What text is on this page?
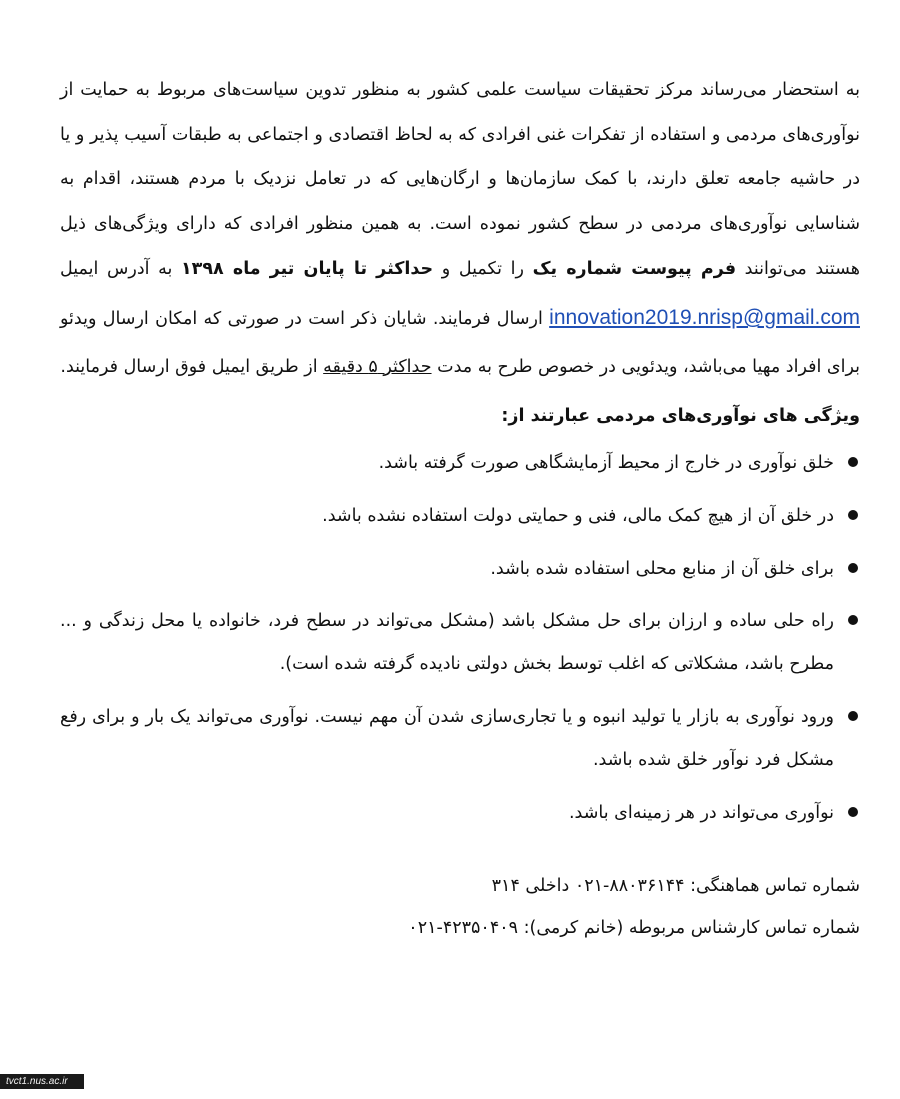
به استحضار می‌رساند مرکز تحقیقات سیاست علمی کشور به منظور تدوین سیاست‌های مربوط به حمایت از نوآوری‌های مردمی و استفاده از تفکرات غنی افرادی که به لحاظ اقتصادی و اجتماعی به طبقات آسیب پذیر و یا در حاشیه جامعه تعلق دارند، با کمک سازمان‌ها و ارگان‌هایی که در تعامل نزدیک با مردم هستند، اقدام به شناسایی نوآوری‌های مردمی در سطح کشور نموده است. به همین منظور افرادی که دارای ویژگی‌های ذیل هستند می‌توانند فرم پیوست شماره یک را تکمیل و حداکثر تا پایان تیر ماه ۱۳۹۸ به آدرس ایمیل innovation2019.nrisp@gmail.com ارسال فرمایند. شایان ذکر است در صورتی که امکان ارسال ویدئو برای افراد مهیا می‌باشد، ویدئویی در خصوص طرح به مدت حداکثر ۵ دقیقه از طریق ایمیل فوق ارسال فرمایند.

ویژگی های نوآوری‌های مردمی عبارتند از:
خلق نوآوری در خارج از محیط آزمایشگاهی صورت گرفته باشد.
در خلق آن از هیچ کمک مالی، فنی و حمایتی دولت استفاده نشده باشد.
برای خلق آن از منابع محلی استفاده شده باشد.
راه حلی ساده و ارزان برای حل مشکل باشد (مشکل می‌تواند در سطح فرد، خانواده یا محل زندگی و ... مطرح باشد، مشکلاتی که اغلب توسط بخش دولتی نادیده گرفته شده است).
ورود نوآوری به بازار یا تولید انبوه و یا تجاری‌سازی شدن آن مهم نیست. نوآوری می‌تواند یک بار و برای رفع مشکل فرد نوآور خلق شده باشد.
نوآوری می‌تواند در هر زمینه‌ای باشد.
شماره تماس هماهنگی: ۸۸۰۳۶۱۴۴-۰۲۱ داخلی ۳۱۴
شماره تماس کارشناس مربوطه (خانم کرمی): ۴۲۳۵۰۴۰۹-۰۲۱
tvct1.nus.ac.ir
